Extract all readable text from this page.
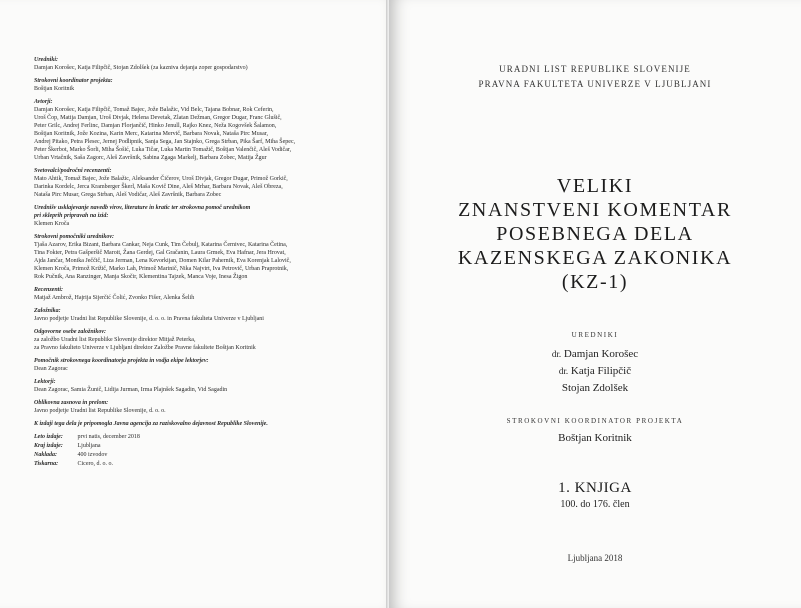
Uredniki:
Damjan Korošec, Katja Filipčič, Stojan Zdolšek (za kazniva dejanja zoper gospodarstvo)
Strokovni koordinator projekta:
Boštjan Koritnik
Avtorji:
Damjan Korošec, Katja Filipčič, Tomaž Bajec, Jože Balažic, Vid Belc, Tajana Bobnar, Rok Ceferin,
Uroš Čop, Matija Damjan, Uroš Divjak, Helena Devetak, Zlatan Dežman, Gregor Dugar, Franc Glušič,
Peter Grilc, Andrej Ferlinc, Damjan Florjančič, Hinko Jenull, Rajko Knez, Neža Kogovšek Šalamon,
Boštjan Koritnik, Jože Kozina, Karin Merc, Katarina Mervič, Barbara Novak, Nataša Pirc Musar,
Andrej Pitako, Petra Plesec, Jernej Podlipnik, Sanja Sega, Jan Stajnko, Grega Strban, Pika Šarf, Miha Šepec,
Peter Škerbot, Marko Šorli, Miha Šošić, Luka Tičar, Luka Martin Tomažič, Boštjan Valenčič, Aleš Vodičar,
Urban Vrtačnik, Saša Zagorc, Aleš Završnik, Sabina Zgaga Markelj, Barbara Zobec, Matija Žgur
Svetovalci/področni recenzenti:
Mato Ahtik, Tomaž Bajec, Jože Balažic, Aleksander Čičerov, Uroš Divjak, Gregor Dugar, Primož Gorkič,
Darinka Kordelc, Jerca Kramberger Škerl, Maša Kovič Dine, Aleš Mrhar, Barbara Novak, Aleš Obreza,
Nataša Pirc Musar, Grega Strban, Aleš Vodičar, Aleš Završnik, Barbara Zobec
Urednišv usklajevanje navedb virov, literature in kratic ter strokovna pomoč urednikom
pri skleprih pripravah na izid:
Klemen Kroča
Strokovni pomočniki urednikov:
Tjaša Azarov, Erika Bizant, Barbara Cankar, Neja Cunk, Tim Čebulj, Katarina Černivec, Katarina Četina,
Tina Fokter, Petra Gašperšič Maroit, Žana Gerdej, Gal Gračanin, Laura Grmek, Eva Hafnar, Jera Hrovat,
Ajda Jančar, Monika Ječčič, Liza Jerman, Lena Kevorkijan, Domen Kilar Pahernik, Eva Korenjak Lalovič,
Klemen Kroča, Primož Križič, Marko Lah, Primož Marinič, Nika Najvirt, Iva Petrovič, Urban Praprotnik,
Rok Pučnik, Ana Ranzinger, Manja Skočir, Klementina Tajzek, Manca Voje, Inesa Žigon
Recenzenti:
Matjaž Ambrož, Hajrija Sijerčić Čolić, Zvonko Fišer, Alenka Šelih
Založnika:
Javno podjetje Uradni list Republike Slovenije, d. o. o. in Pravna fakulteta Univerze v Ljubljani
Odgovorne osebe založnikov:
za založbo Uradni list Republike Slovenije direktor Mitjaž Peterka,
za Pravno fakulteto Univerze v Ljubljani direktor Založbe Pravne fakultete Boštjan Koritnik
Pomočnik strokovnega koordinatorja projekta in vodja ekipe lektorjev:
Dean Zagorac
Lektorji:
Dean Zagorac, Samia Žunič, Lidija Jurman, Irma Plajnšek Sagadin, Vid Sagadin
Oblikovna zasnova in prelom:
Javno podjetje Uradni list Republike Slovenije, d. o. o.
K izdaji tega dela je pripomogla Javna agencija za raziskovalno dejavnost Republike Slovenije.
Leto izdaje: prvi natis, december 2018
Kraj izdaje: Ljubljana
Naklada:	400 izvodov
Tiskarna:	Cicero, d. o. o.
URADNI LIST REPUBLIKE SLOVENIJE
PRAVNA FAKULTETA UNIVERZE V LJUBLJANI
VELIKI
ZNANSTVENI KOMENTAR
POSEBNEGA DELA
KAZENSKEGA ZAKONIKA
(KZ-1)
UREDNIKI
dr. Damjan Korošec
dr. Katja Filipčič
Stojan Zdolšek
STROKOVNI KOORDINATOR PROJEKTA
Boštjan Koritnik
1. KNJIGA
100. do 176. člen
Ljubljana 2018
